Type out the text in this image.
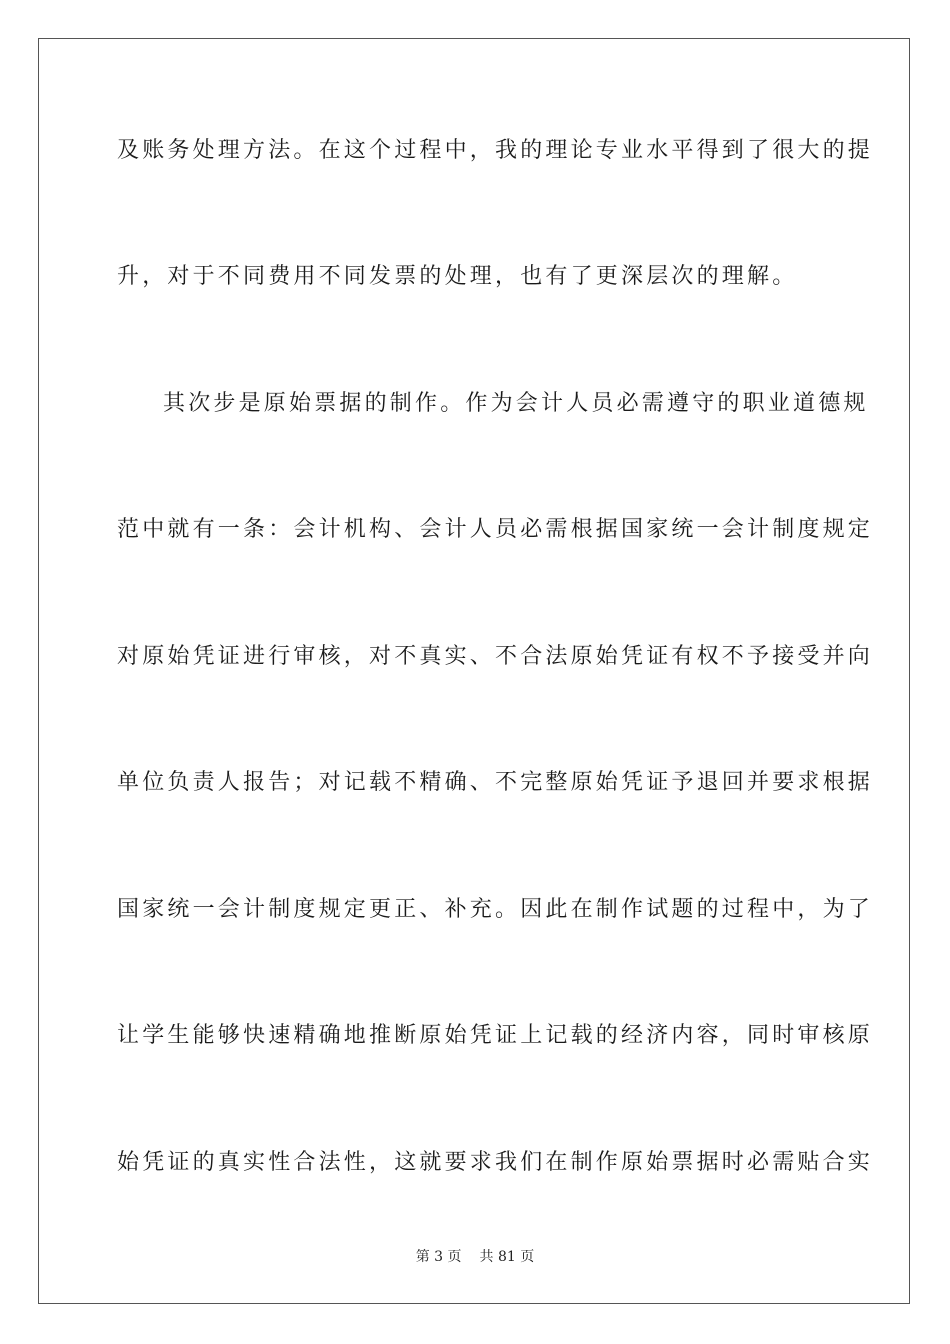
及账务处理方法。在这个过程中，我的理论专业水平得到了很大的提
升，对于不同费用不同发票的处理，也有了更深层次的理解。
其次步是原始票据的制作。作为会计人员必需遵守的职业道德规
范中就有一条：会计机构、会计人员必需根据国家统一会计制度规定
对原始凭证进行审核，对不真实、不合法原始凭证有权不予接受并向
单位负责人报告；对记载不精确、不完整原始凭证予退回并要求根据
国家统一会计制度规定更正、补充。因此在制作试题的过程中，为了
让学生能够快速精确地推断原始凭证上记载的经济内容，同时审核原
始凭证的真实性合法性，这就要求我们在制作原始票据时必需贴合实
第 3 页 共 81 页
